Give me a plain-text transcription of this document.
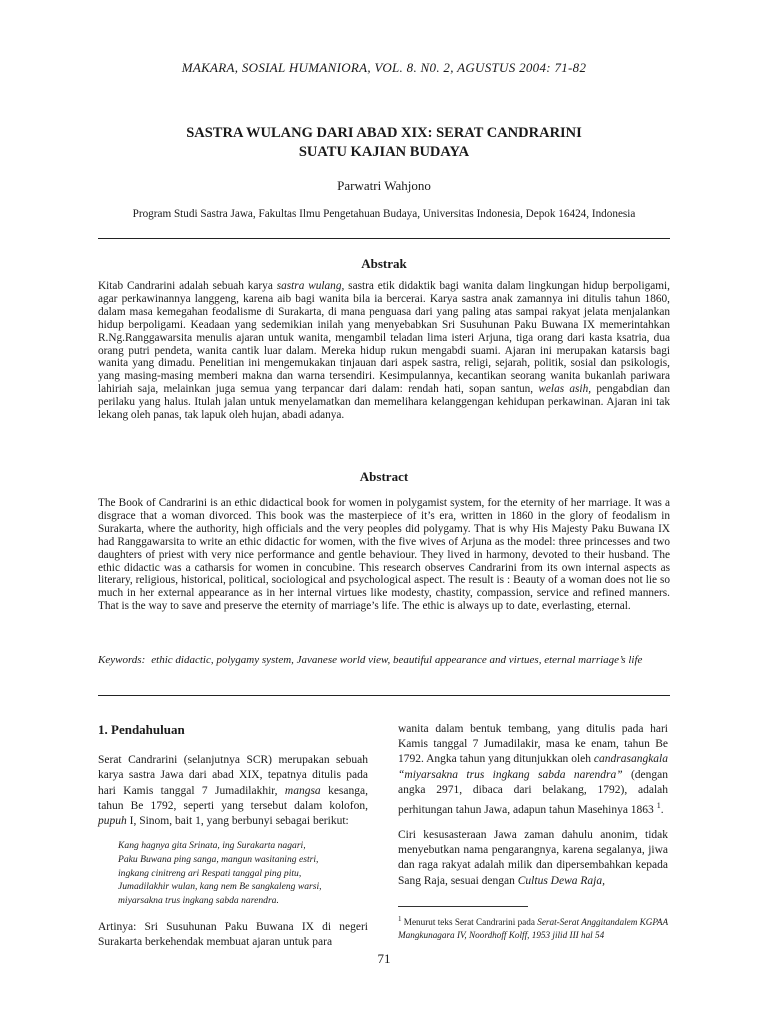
MAKARA, SOSIAL HUMANIORA, VOL. 8. N0. 2, AGUSTUS 2004: 71-82
SASTRA WULANG DARI ABAD XIX: SERAT CANDRARINI
SUATU KAJIAN BUDAYA
Parwatri Wahjono
Program Studi Sastra Jawa, Fakultas Ilmu Pengetahuan Budaya, Universitas Indonesia, Depok 16424, Indonesia
Abstrak
Kitab Candrarini adalah sebuah karya sastra wulang, sastra etik didaktik bagi wanita dalam lingkungan hidup berpoligami, agar perkawinannya langgeng, karena aib bagi wanita bila ia bercerai. Karya sastra anak zamannya ini ditulis tahun 1860, dalam masa kemegahan feodalisme di Surakarta, di mana penguasa dari yang paling atas sampai rakyat jelata menjalankan hidup berpoligami. Keadaan yang sedemikian inilah yang menyebabkan Sri Susuhunan Paku Buwana IX memerintahkan R.Ng.Ranggawarsita menulis ajaran untuk wanita, mengambil teladan lima isteri Arjuna, tiga orang dari kasta ksatria, dua orang putri pendeta, wanita cantik luar dalam. Mereka hidup rukun mengabdi suami. Ajaran ini merupakan katarsis bagi wanita yang dimadu. Penelitian ini mengemukakan tinjauan dari aspek sastra, religi, sejarah, politik, sosial dan psikologis, yang masing-masing memberi makna dan warna tersendiri. Kesimpulannya, kecantikan seorang wanita bukanlah pariwara lahiriah saja, melainkan juga semua yang terpancar dari dalam: rendah hati, sopan santun, welas asih, pengabdian dan perilaku yang halus. Itulah jalan untuk menyelamatkan dan memelihara kelanggengan kehidupan perkawinan. Ajaran ini tak lekang oleh panas, tak lapuk oleh hujan, abadi adanya.
Abstract
The Book of Candrarini is an ethic didactical book for women in polygamist system, for the eternity of her marriage. It was a disgrace that a woman divorced. This book was the masterpiece of it’s era, written in 1860 in the glory of feodalism in Surakarta, where the authority, high officials and the very peoples did polygamy. That is why His Majesty Paku Buwana IX had Ranggawarsita to write an ethic didactic for women, with the five wives of Arjuna as the model: three princesses and two daughters of priest with very nice performance and gentle behaviour. They lived in harmony, devoted to their husband. The ethic didactic was a catharsis for women in concubine. This research observes Candrarini from its own internal aspects as literary, religious, historical, political, sociological and psychological aspect. The result is : Beauty of a woman does not lie so much in her external appearance as in her internal virtues like modesty, chastity, compassion, service and refined manners. That is the way to save and preserve the eternity of marriage’s life. The ethic is always up to date, everlasting, eternal.
Keywords: ethic didactic, polygamy system, Javanese world view, beautiful appearance and virtues, eternal marriage’s life
1. Pendahuluan

Serat Candrarini (selanjutnya SCR) merupakan sebuah karya sastra Jawa dari abad XIX, tepatnya ditulis pada hari Kamis tanggal 7 Jumadilakhir, mangsa kesanga, tahun Be 1792, seperti yang tersebut dalam kolofon, pupuh I, Sinom, bait 1, yang berbunyi sebagai berikut:

Kang hagnya gita Srinata, ing Surakarta nagari,
Paku Buwana ping sanga, mangun wasitaning estri,
ingkang cinitreng ari Respati tanggal ping pitu,
Jumadilakhir wulan, kang nem Be sangkaleng warsi,
miyarsakna trus ingkang sabda narendra.

Artinya: Sri Susuhunan Paku Buwana IX di negeri Surakarta berkehendak membuat ajaran untuk para

wanita dalam bentuk tembang, yang ditulis pada hari Kamis tanggal 7 Jumadilakir, masa ke enam, tahun Be 1792. Angka tahun yang ditunjukkan oleh candrasangkala “miyarsakna trus ingkang sabda narendra” (dengan angka 2971, dibaca dari belakang, 1792), adalah perhitungan tahun Jawa, adapun tahun Masehinya 1863 $^1$.

Ciri kesusasteraan Jawa zaman dahulu anonim, tidak menyebutkan nama pengarangnya, karena segalanya, jiwa dan raga rakyat adalah milik dan dipersembahkan kepada Sang Raja, sesuai dengan Cultus Dewa Raja,

$^1$ Menurut teks Serat Candrarini pada Serat-Serat Anggitandalem KGPAA Mangkunagara IV, Noordhoff Kolff, 1953 jilid III hal 54
71
